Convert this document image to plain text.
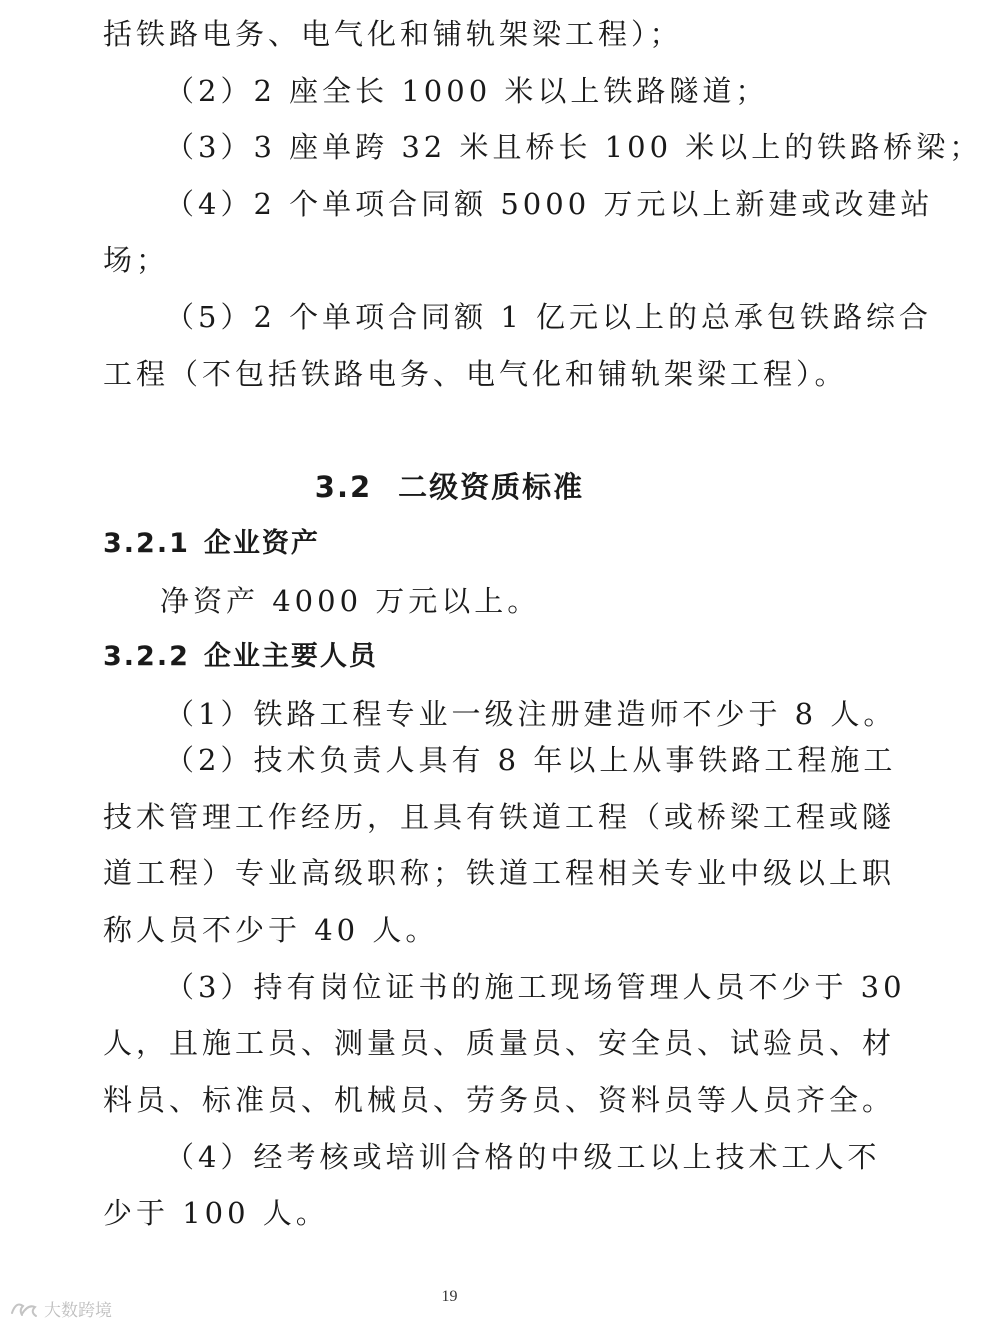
括铁路电务、电气化和铺轨架梁工程）；
（2）2 座全长 1000 米以上铁路隧道；
（3）3 座单跨 32 米且桥长 100 米以上的铁路桥梁；
（4）2 个单项合同额 5000 万元以上新建或改建站
场；
（5）2 个单项合同额 1 亿元以上的总承包铁路综合
工程（不包括铁路电务、电气化和铺轨架梁工程）。
3.2 二级资质标准
3.2.1 企业资产
净资产 4000 万元以上。
3.2.2 企业主要人员
（1）铁路工程专业一级注册建造师不少于 8 人。
（2）技术负责人具有 8 年以上从事铁路工程施工
技术管理工作经历，且具有铁道工程（或桥梁工程或隧
道工程）专业高级职称；铁道工程相关专业中级以上职
称人员不少于 40 人。
（3）持有岗位证书的施工现场管理人员不少于 30
人，且施工员、测量员、质量员、安全员、试验员、材
料员、标准员、机械员、劳务员、资料员等人员齐全。
（4）经考核或培训合格的中级工以上技术工人不
少于 100 人。
19
大数跨境
